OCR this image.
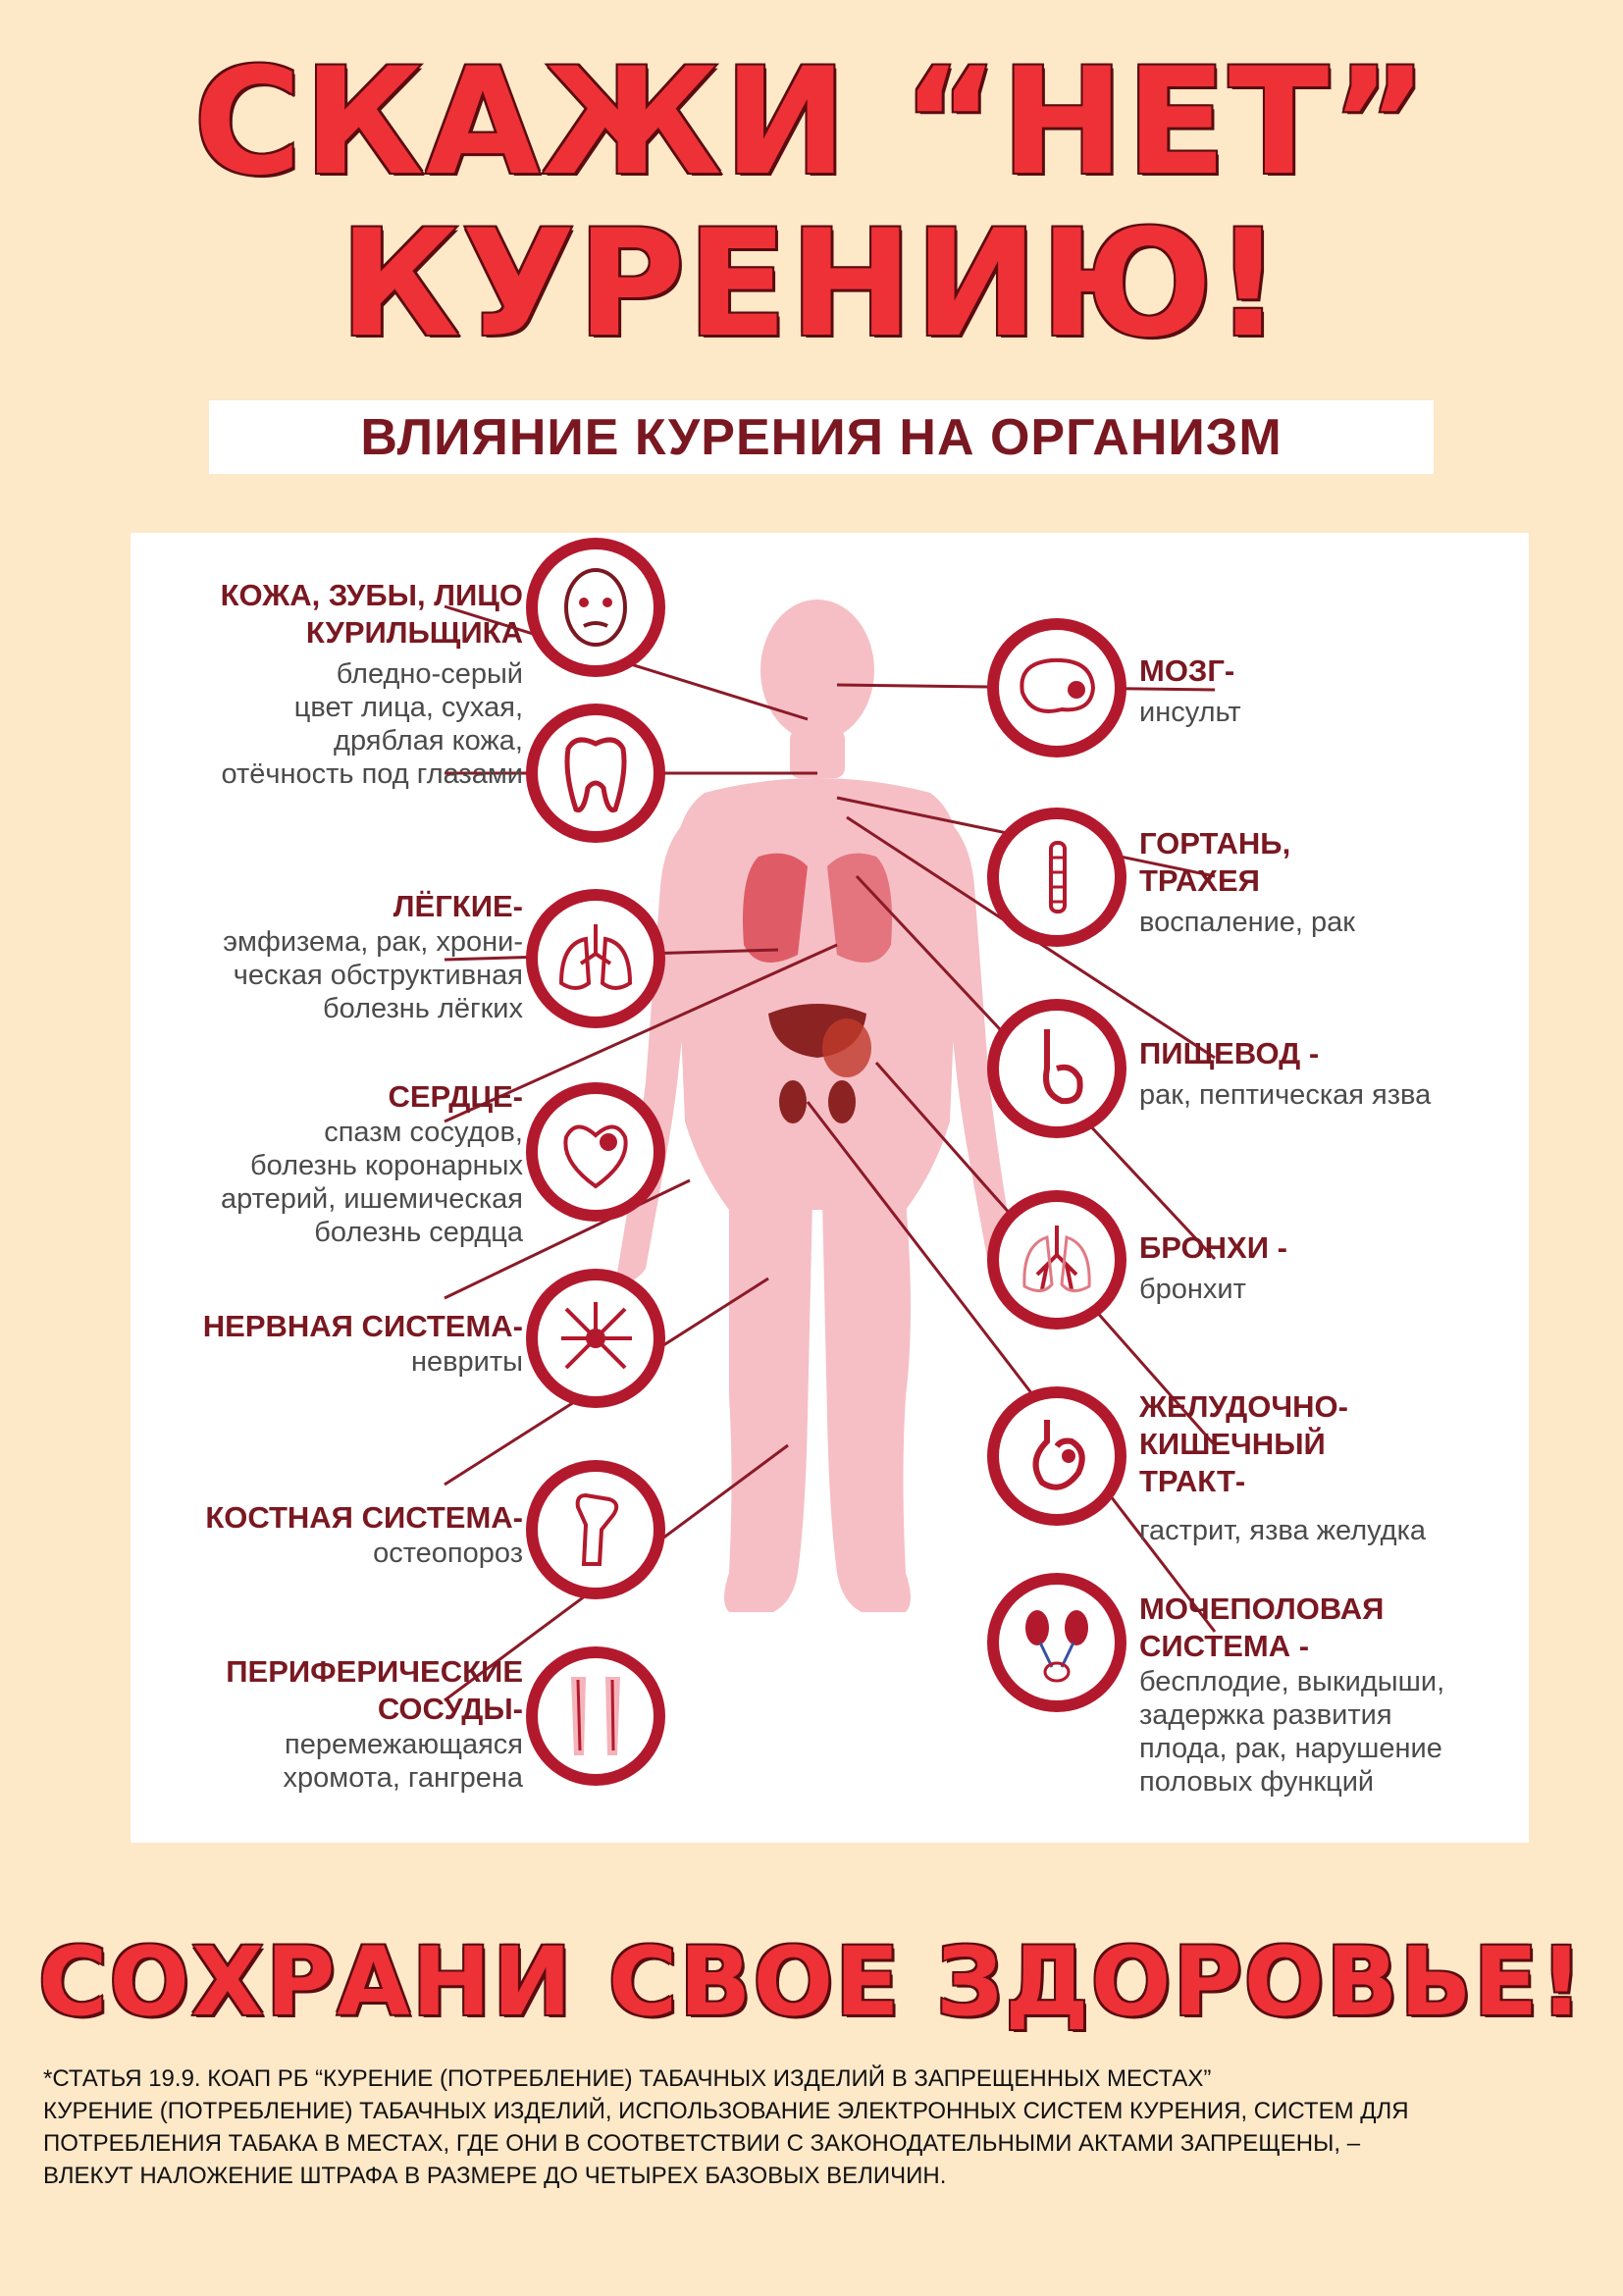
СКАЖИ “НЕТ”
КУРЕНИЮ!
ВЛИЯНИЕ КУРЕНИЯ НА ОРГАНИЗМ
КОЖА, ЗУБЫ, ЛИЦО
КУРИЛЬЩИКА
бледно-серый
цвет лица, сухая,
дряблая кожа,
отёчность под глазами
ЛЁГКИЕ-
эмфизема, рак, хрони-
ческая обструктивная
болезнь лёгких
СЕРДЦЕ-
спазм сосудов,
болезнь коронарных
артерий, ишемическая
болезнь сердца
НЕРВНАЯ СИСТЕМА-
невриты
КОСТНАЯ СИСТЕМА-
остеопороз
ПЕРИФЕРИЧЕСКИЕ
СОСУДЫ-
перемежающаяся
хромота, гангрена
МОЗГ-
инсульт
ГОРТАНЬ,
ТРАХЕЯ
воспаление, рак
ПИЩЕВОД -
рак, пептическая язва
БРОНХИ -
бронхит
ЖЕЛУДОЧНО-
КИШЕЧНЫЙ
ТРАКТ-
гастрит, язва желудка
МОЧЕПОЛОВАЯ
СИСТЕМА -
бесплодие, выкидыши,
задержка развития
плода, рак, нарушение
половых функций
СОХРАНИ СВОЕ ЗДОРОВЬЕ!
*СТАТЬЯ 19.9. КОАП РБ “КУРЕНИЕ (ПОТРЕБЛЕНИЕ) ТАБАЧНЫХ ИЗДЕЛИЙ В ЗАПРЕЩЕННЫХ МЕСТАХ”
КУРЕНИЕ (ПОТРЕБЛЕНИЕ) ТАБАЧНЫХ ИЗДЕЛИЙ, ИСПОЛЬЗОВАНИЕ ЭЛЕКТРОННЫХ СИСТЕМ КУРЕНИЯ, СИСТЕМ ДЛЯ
ПОТРЕБЛЕНИЯ ТАБАКА В МЕСТАХ, ГДЕ ОНИ В СООТВЕТСТВИИ С ЗАКОНОДАТЕЛЬНЫМИ АКТАМИ ЗАПРЕЩЕНЫ, –
ВЛЕКУТ НАЛОЖЕНИЕ ШТРАФА В РАЗМЕРЕ ДО ЧЕТЫРЕХ БАЗОВЫХ ВЕЛИЧИН.
